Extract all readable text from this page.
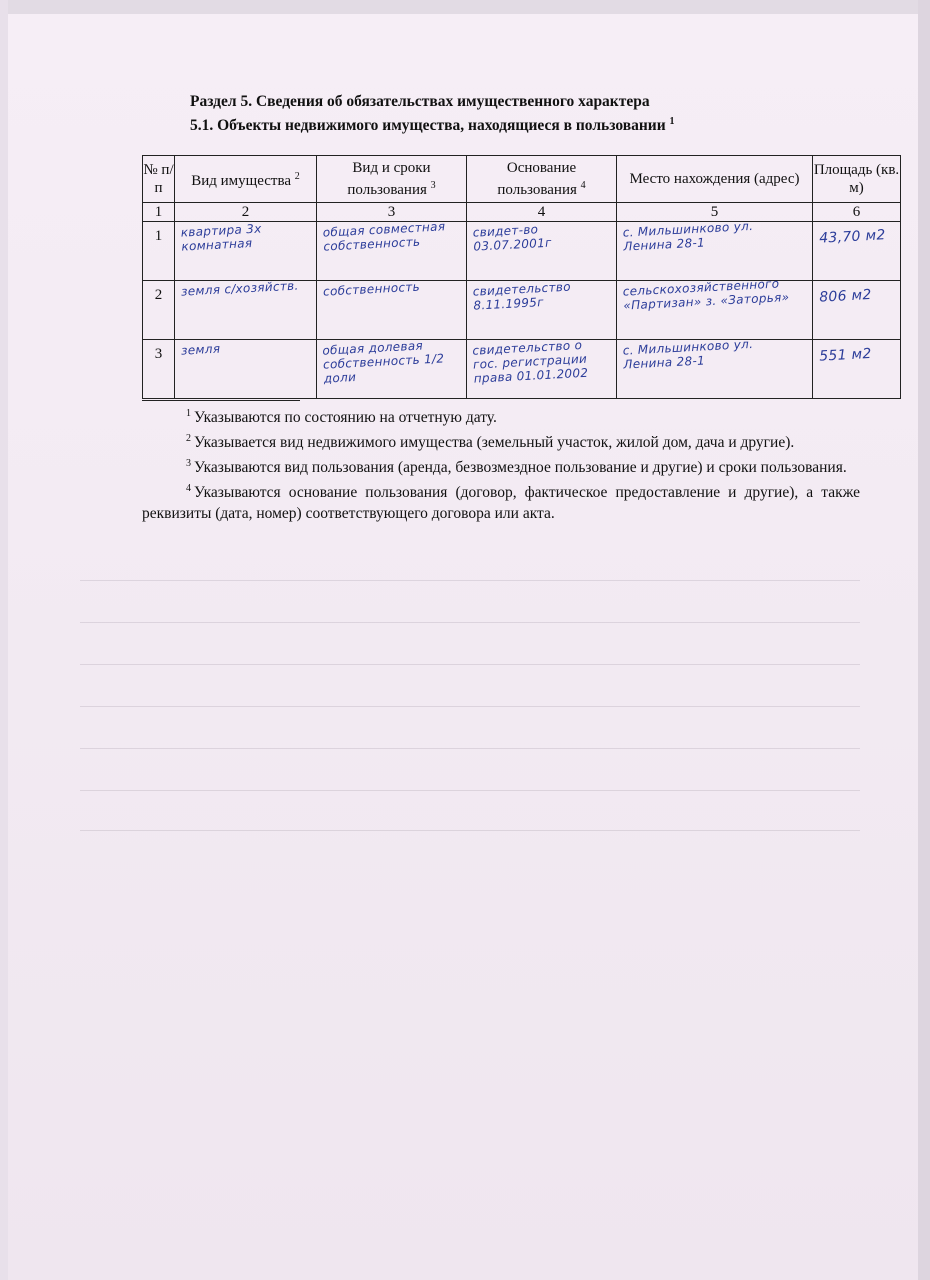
Раздел 5. Сведения об обязательствах имущественного характера
5.1. Объекты недвижимого имущества, находящиеся в пользовании $^1$
№ п/п	Вид имущества $^2$	Вид и сроки пользования $^3$	Основание пользования $^4$	Место нахождения (адрес)	Площадь (кв. м)
1	2	3	4	5	6
1	квартира 3х комнатная	общая совместная собственность	свидет-во 03.07.2001г	с. Мильшинково ул. Ленина 28-1	43,70 м2

2	земля с/хозяйств.	собственность	свидетельство 8.11.1995г	сельскохозяйственного «Партизан» з. «Заторья»	806 м2

3	земля	общая долевая собственность 1/2 доли	свидетельство о гос. регистрации права 01.01.2002	с. Мильшинково ул. Ленина 28-1	551 м2

$^1$ Указываются по состоянию на отчетную дату.

$^2$ Указывается вид недвижимого имущества (земельный участок, жилой дом, дача и другие).

$^3$ Указываются вид пользования (аренда, безвозмездное пользование и другие) и сроки пользования.

$^4$ Указываются основание пользования (договор, фактическое предоставление и другие), а также реквизиты (дата, номер) соответствующего договора или акта.
